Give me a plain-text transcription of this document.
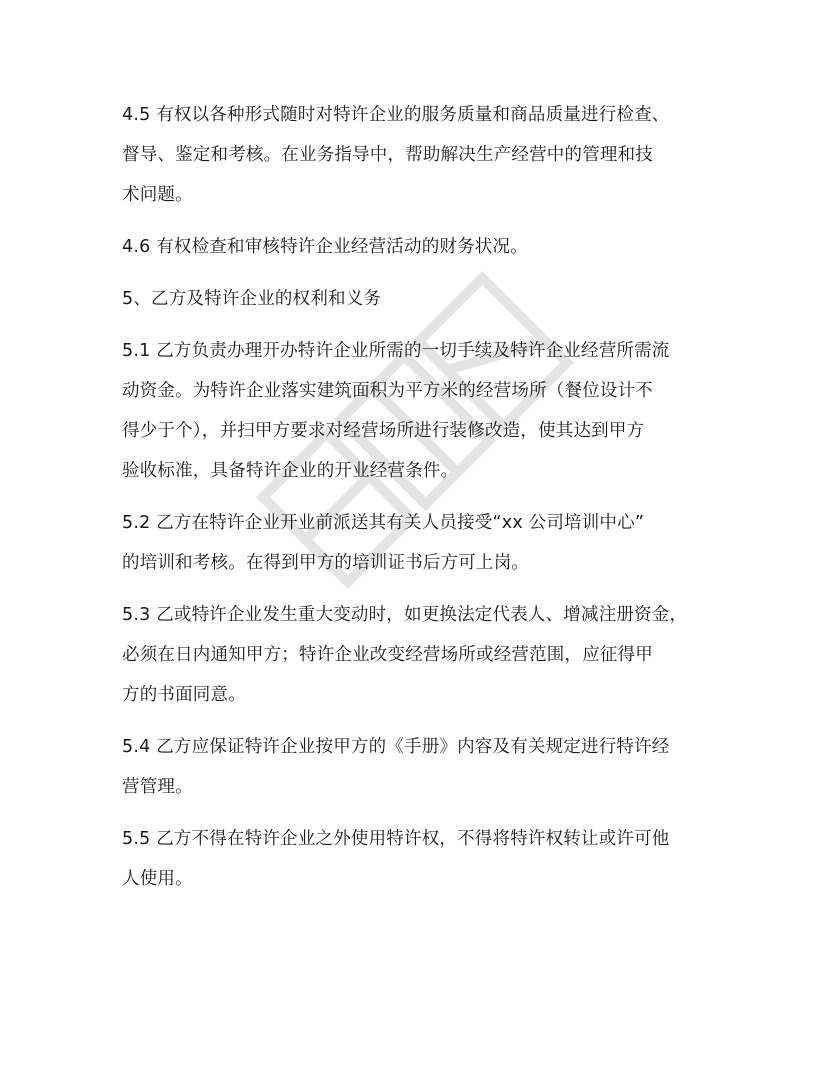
4.5 有权以各种形式随时对特许企业的服务质量和商品质量进行检查、
督导、鉴定和考核。在业务指导中，帮助解决生产经营中的管理和技
术问题。

4.6 有权检查和审核特许企业经营活动的财务状况。

5、乙方及特许企业的权利和义务

5.1 乙方负责办理开办特许企业所需的一切手续及特许企业经营所需流
动资金。为特许企业落实建筑面积为平方米的经营场所（餐位设计不
得少于个），并扫甲方要求对经营场所进行装修改造，使其达到甲方
验收标准，具备特许企业的开业经营条件。

5.2 乙方在特许企业开业前派送其有关人员接受“xx 公司培训中心”
的培训和考核。在得到甲方的培训证书后方可上岗。

5.3 乙或特许企业发生重大变动时，如更换法定代表人、增减注册资金，
必须在日内通知甲方；特许企业改变经营场所或经营范围，应征得甲
方的书面同意。

5.4 乙方应保证特许企业按甲方的《手册》内容及有关规定进行特许经
营管理。

5.5 乙方不得在特许企业之外使用特许权，不得将特许权转让或许可他
人使用。
